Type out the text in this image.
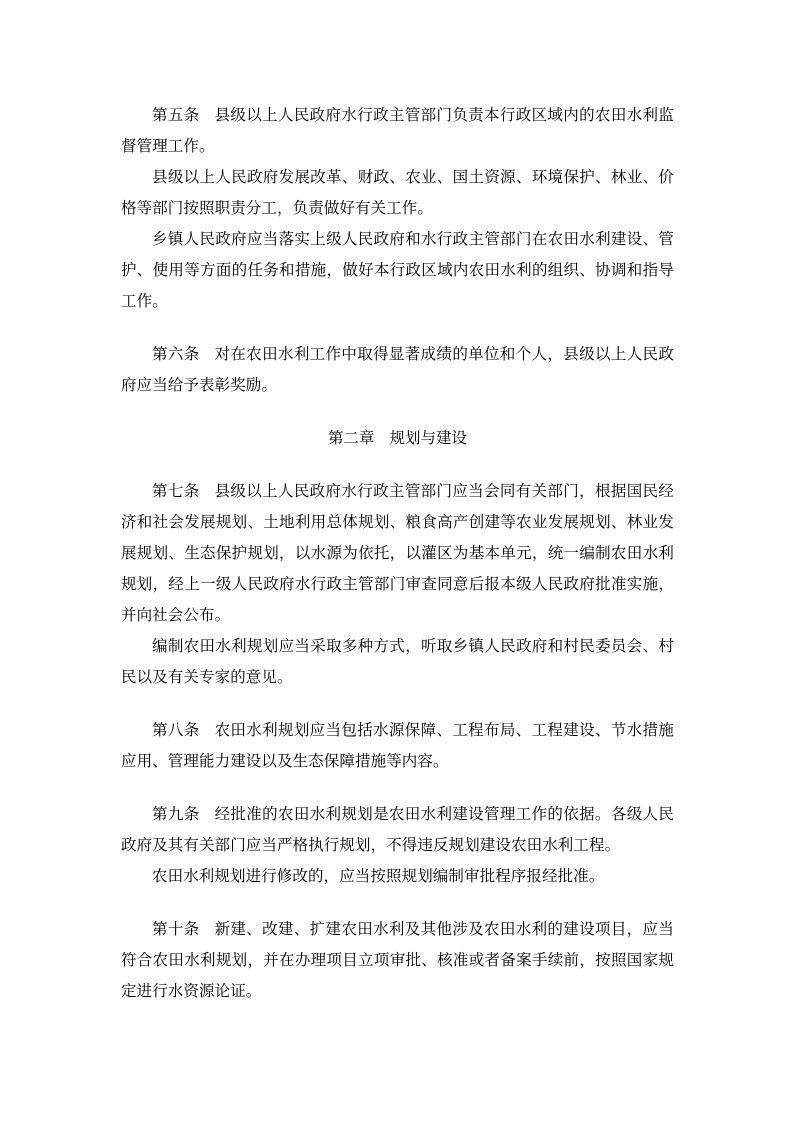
第五条 县级以上人民政府水行政主管部门负责本行政区域内的农田水利监督管理工作。

县级以上人民政府发展改革、财政、农业、国土资源、环境保护、林业、价格等部门按照职责分工，负责做好有关工作。

乡镇人民政府应当落实上级人民政府和水行政主管部门在农田水利建设、管护、使用等方面的任务和措施，做好本行政区域内农田水利的组织、协调和指导工作。

第六条 对在农田水利工作中取得显著成绩的单位和个人，县级以上人民政府应当给予表彰奖励。

第二章 规划与建设

第七条 县级以上人民政府水行政主管部门应当会同有关部门，根据国民经济和社会发展规划、土地利用总体规划、粮食高产创建等农业发展规划、林业发展规划、生态保护规划，以水源为依托，以灌区为基本单元，统一编制农田水利规划，经上一级人民政府水行政主管部门审查同意后报本级人民政府批准实施，并向社会公布。

编制农田水利规划应当采取多种方式，听取乡镇人民政府和村民委员会、村民以及有关专家的意见。

第八条 农田水利规划应当包括水源保障、工程布局、工程建设、节水措施应用、管理能力建设以及生态保障措施等内容。

第九条 经批准的农田水利规划是农田水利建设管理工作的依据。各级人民政府及其有关部门应当严格执行规划，不得违反规划建设农田水利工程。

农田水利规划进行修改的，应当按照规划编制审批程序报经批准。

第十条 新建、改建、扩建农田水利及其他涉及农田水利的建设项目，应当符合农田水利规划，并在办理项目立项审批、核准或者备案手续前，按照国家规定进行水资源论证。
